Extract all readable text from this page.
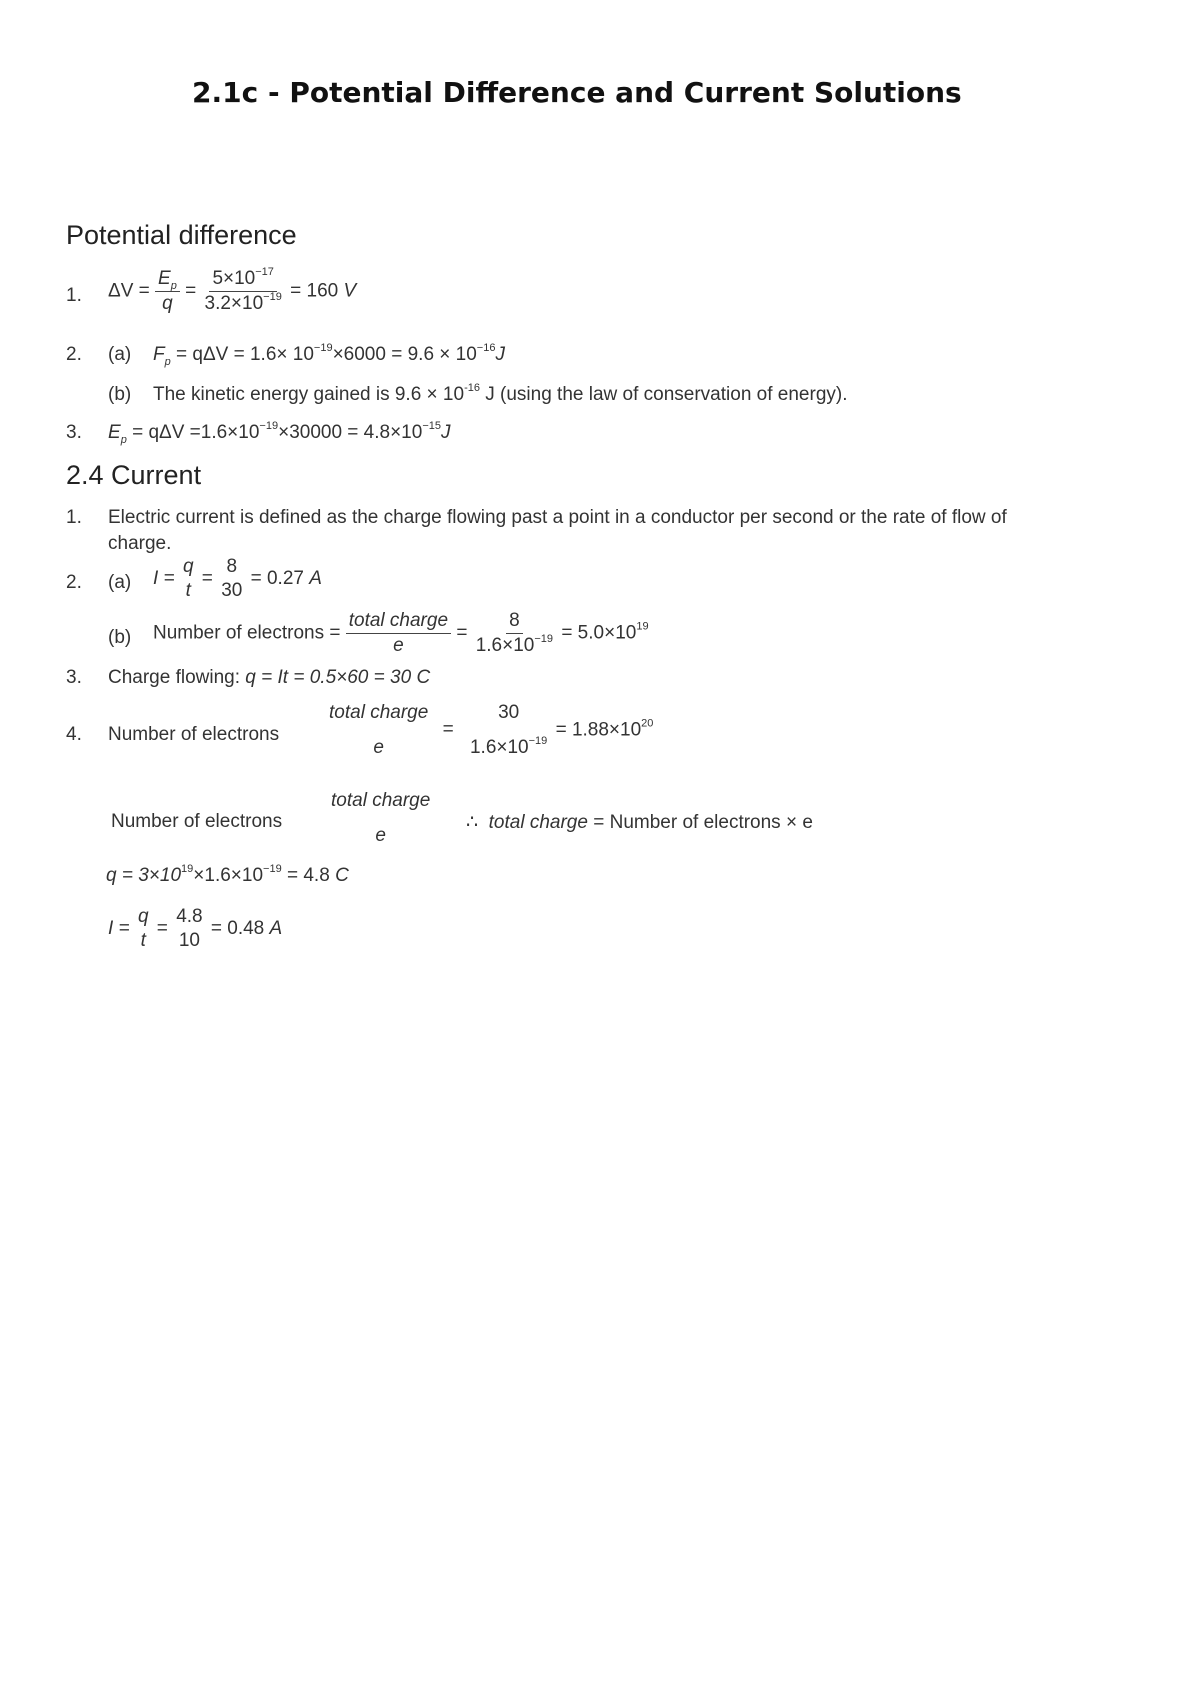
2.1c - Potential Difference and Current Solutions
Potential difference
1. $\Delta V = \frac{E_p}{q} = \frac{5\times 10^{-17}}{3.2\times 10^{-19}} = 160$ V
2. (a) $F_p = q\Delta V = 1.6\times 10^{-19}\times 6000 = 9.6 \times 10^{-16}J$
(b) The kinetic energy gained is $9.6 \times 10^{-16}$ J (using the law of conservation of energy).
3. $E_p = q\Delta V =1.6\times 10^{-19}\times 30000 = 4.8\times 10^{-15}J$
2.4 Current
1. Electric current is defined as the charge flowing past a point in a conductor per second or the rate of flow of
charge.
2. (a) I =
q
t
=
8
30
= 0.27 A
(b) Number of electrons = $\frac{\text{total charge}}{e} = \frac{8}{1.6\times 10^{-19}} = 5.0\times 10^{19}$
3. Charge flowing: q = It = 0.5×60 = 30 C
4. Number of electrons
total charge
e
=
30
$1.6\times 10^{-19}$
= $1.88\times 10^{20}$
Number of electrons
total charge
e
∴ total charge = Number of electrons × e
$q = 3\times 10^{19}\times 1.6\times 10^{-19} = 4.8$ C
I =
q
t
=
4.8
10
= 0.48 A
